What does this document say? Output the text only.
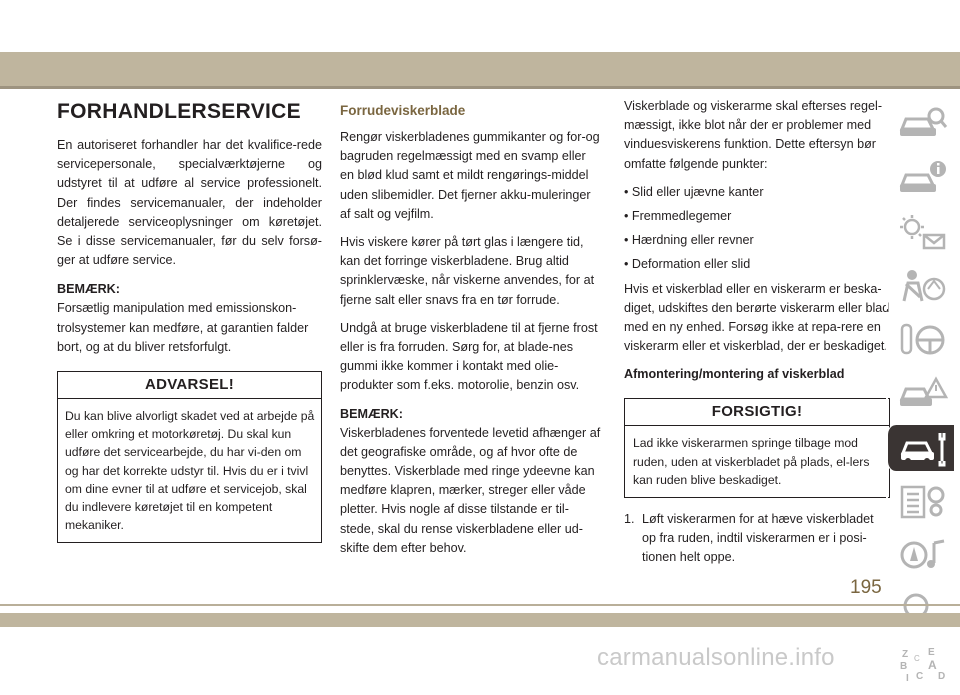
FORHANDLERSERVICE

En autoriseret forhandler har det kvalifice-rede servicepersonale, specialværktøjerne og udstyret til at udføre al service professionelt. Der findes servicemanualer, der indeholder detaljerede serviceoplysninger om køretøjet. Se i disse servicemanualer, før du selv forsø-ger at udføre service.

BEMÆRK:

Forsætlig manipulation med emissionskon-trolsystemer kan medføre, at garantien falder bort, og at du bliver retsforfulgt.

ADVARSEL!
Du kan blive alvorligt skadet ved at arbejde på eller omkring et motorkøretøj. Du skal kun udføre det servicearbejde, du har vi-den om og har det korrekte udstyr til. Hvis du er i tvivl om dine evner til at udføre et servicejob, skal du indlevere køretøjet til en kompetent mekaniker.
Forrudeviskerblade

Rengør viskerbladenes gummikanter og for-og bagruden regelmæssigt med en svamp eller en blød klud samt et mildt rengørings-middel uden slibemidler. Det fjerner akku-muleringer af salt og vejfilm.

Hvis viskere kører på tørt glas i længere tid, kan det forringe viskerbladene. Brug altid sprinklervæske, når viskerne anvendes, for at fjerne salt eller snavs fra en tør forrude.

Undgå at bruge viskerbladene til at fjerne frost eller is fra forruden. Sørg for, at blade-nes gummi ikke kommer i kontakt med olie-produkter som f.eks. motorolie, benzin osv.

BEMÆRK:

Viskerbladenes forventede levetid afhænger af det geografiske område, og af hvor ofte de benyttes. Viskerblade med ringe ydeevne kan medføre klapren, mærker, streger eller våde pletter. Hvis nogle af disse tilstande er til-stede, skal du rense viskerbladene eller ud-skifte dem efter behov.

Viskerblade og viskerarme skal efterses regel-mæssigt, ikke blot når der er problemer med vinduesviskerens funktion. Dette eftersyn bør omfatte følgende punkter:

• Slid eller ujævne kanter

• Fremmedlegemer

• Hærdning eller revner

• Deformation eller slid

Hvis et viskerblad eller en viskerarm er beska-diget, udskiftes den berørte viskerarm eller blad med en ny enhed. Forsøg ikke at repa-rere en viskerarm eller et viskerblad, der er beskadiget.

Afmontering/montering af viskerblad
FORSIGTIG!
Lad ikke viskerarmen springe tilbage mod ruden, uden at viskerbladet på plads, el-lers kan ruden blive beskadiget.
1. Løft viskerarmen for at hæve viskerbladet op fra ruden, indtil viskerarmen er i posi-tionen helt oppe.
Z E
B A
I C D
C
195
carmanualsonline.info
